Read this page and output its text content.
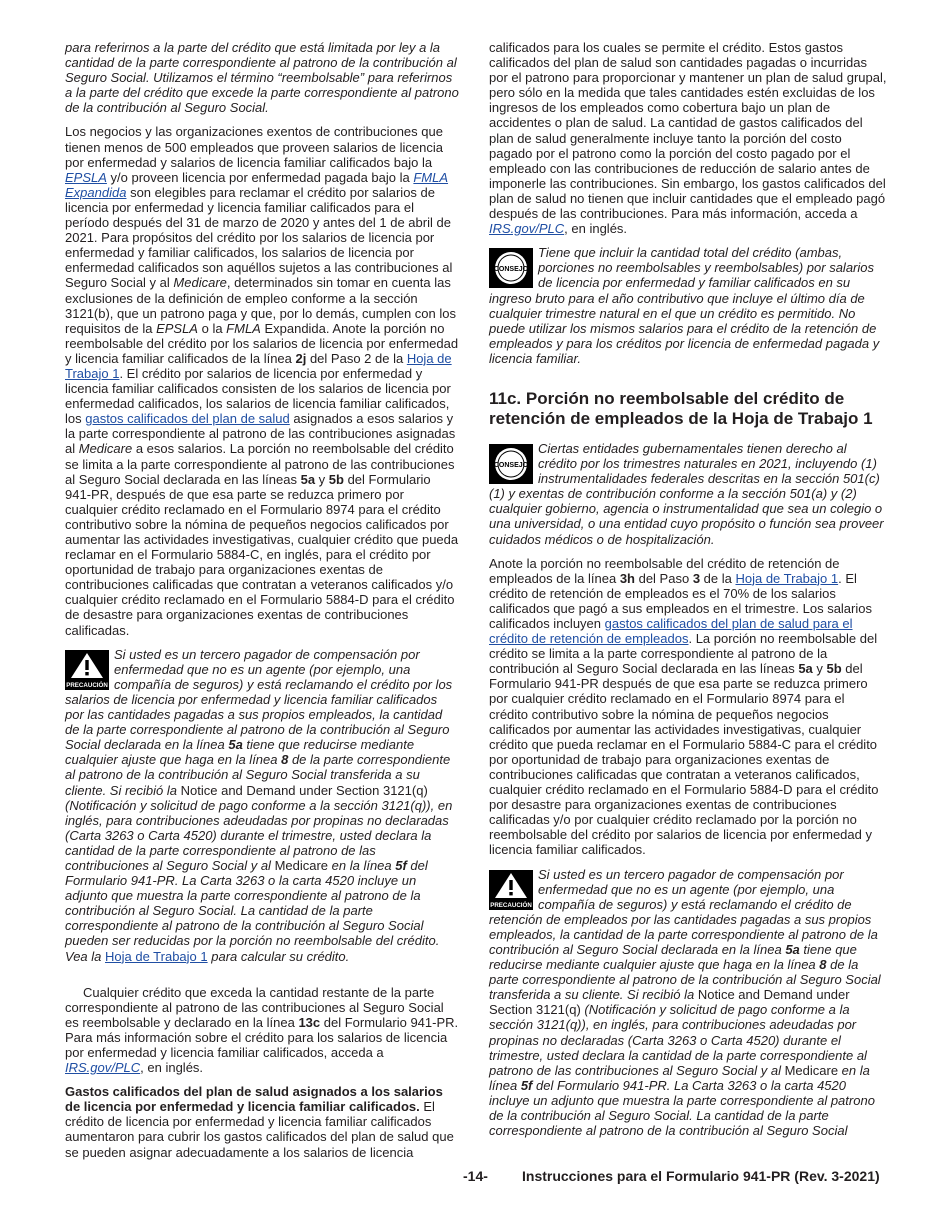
para referirnos a la parte del crédito que está limitada por ley a la cantidad de la parte correspondiente al patrono de la contribución al Seguro Social. Utilizamos el término “reembolsable” para referirnos a la parte del crédito que excede la parte correspondiente al patrono de la contribución al Seguro Social.

Los negocios y las organizaciones exentos de contribuciones que tienen menos de 500 empleados que proveen salarios de licencia por enfermedad y salarios de licencia familiar calificados bajo la EPSLA y/o proveen licencia por enfermedad pagada bajo la FMLA Expandida son elegibles para reclamar el crédito por salarios de licencia por enfermedad y licencia familiar calificados para el período después del 31 de marzo de 2020 y antes del 1 de abril de 2021. Para propósitos del crédito por los salarios de licencia por enfermedad y familiar calificados, los salarios de licencia por enfermedad calificados son aquéllos sujetos a las contribuciones al Seguro Social y al Medicare, determinados sin tomar en cuenta las exclusiones de la definición de empleo conforme a la sección 3121(b), que un patrono paga y que, por lo demás, cumplen con los requisitos de la EPSLA o la FMLA Expandida. Anote la porción no reembolsable del crédito por los salarios de licencia por enfermedad y licencia familiar calificados de la línea 2j del Paso 2 de la Hoja de Trabajo 1. El crédito por salarios de licencia por enfermedad y licencia familiar calificados consisten de los salarios de licencia por enfermedad calificados, los salarios de licencia familiar calificados, los gastos calificados del plan de salud asignados a esos salarios y la parte correspondiente al patrono de las contribuciones asignadas al Medicare a esos salarios. La porción no reembolsable del crédito se limita a la parte correspondiente al patrono de las contribuciones al Seguro Social declarada en las líneas 5a y 5b del Formulario 941-PR, después de que esa parte se reduzca primero por cualquier crédito reclamado en el Formulario 8974 para el crédito contributivo sobre la nómina de pequeños negocios calificados por aumentar las actividades investigativas, cualquier crédito que pueda reclamar en el Formulario 5884-C, en inglés, para el crédito por oportunidad de trabajo para organizaciones exentas de contribuciones calificadas que contratan a veteranos calificados y/o cualquier crédito reclamado en el Formulario 5884-D para el crédito de desastre para organizaciones exentas de contribuciones calificadas.

PRECAUCIÓN
Si usted es un tercero pagador de compensación por enfermedad que no es un agente (por ejemplo, una compañía de seguros) y está reclamando el crédito por los salarios de licencia por enfermedad y licencia familiar calificados por las cantidades pagadas a sus propios empleados, la cantidad de la parte correspondiente al patrono de la contribución al Seguro Social declarada en la línea 5a tiene que reducirse mediante cualquier ajuste que haga en la línea 8 de la parte correspondiente al patrono de la contribución al Seguro Social transferida a su cliente. Si recibió la Notice and Demand under Section 3121(q) (Notificación y solicitud de pago conforme a la sección 3121(q)), en inglés, para contribuciones adeudadas por propinas no declaradas (Carta 3263 o Carta 4520) durante el trimestre, usted declara la cantidad de la parte correspondiente al patrono de las contribuciones al Seguro Social y al Medicare en la línea 5f del Formulario 941-PR. La Carta 3263 o la carta 4520 incluye un adjunto que muestra la parte correspondiente al patrono de la contribución al Seguro Social. La cantidad de la parte correspondiente al patrono de la contribución al Seguro Social pueden ser reducidas por la porción no reembolsable del crédito. Vea la Hoja de Trabajo 1 para calcular su crédito.

Cualquier crédito que exceda la cantidad restante de la parte correspondiente al patrono de las contribuciones al Seguro Social es reembolsable y declarado en la línea 13c del Formulario 941-PR. Para más información sobre el crédito para los salarios de licencia por enfermedad y licencia familiar calificados, acceda a IRS.gov/PLC, en inglés.

Gastos calificados del plan de salud asignados a los salarios de licencia por enfermedad y licencia familiar calificados. El crédito de licencia por enfermedad y licencia familiar calificados aumentaron para cubrir los gastos calificados del plan de salud que se pueden asignar adecuadamente a los salarios de licencia

calificados para los cuales se permite el crédito. Estos gastos calificados del plan de salud son cantidades pagadas o incurridas por el patrono para proporcionar y mantener un plan de salud grupal, pero sólo en la medida que tales cantidades estén excluidas de los ingresos de los empleados como cobertura bajo un plan de accidentes o plan de salud. La cantidad de gastos calificados del plan de salud generalmente incluye tanto la porción del costo pagado por el patrono como la porción del costo pagado por el empleado con las contribuciones de reducción de salario antes de imponerle las contribuciones. Sin embargo, los gastos calificados del plan de salud no tienen que incluir cantidades que el empleado pagó después de las contribuciones. Para más información, acceda a IRS.gov/PLC, en inglés.

CONSEJO
Tiene que incluir la cantidad total del crédito (ambas, porciones no reembolsables y reembolsables) por salarios de licencia por enfermedad y familiar calificados en su ingreso bruto para el año contributivo que incluye el último día de cualquier trimestre natural en el que un crédito es permitido. No puede utilizar los mismos salarios para el crédito de la retención de empleados y para los créditos por licencia de enfermedad pagada y licencia familiar.
11c. Porción no reembolsable del crédito de retención de empleados de la Hoja de Trabajo 1
CONSEJO
Ciertas entidades gubernamentales tienen derecho al crédito por los trimestres naturales en 2021, incluyendo (1) instrumentalidades federales descritas en la sección 501(c)(1) y exentas de contribución conforme a la sección 501(a) y (2) cualquier gobierno, agencia o instrumentalidad que sea un colegio o una universidad, o una entidad cuyo propósito o función sea proveer cuidados médicos o de hospitalización.

Anote la porción no reembolsable del crédito de retención de empleados de la línea 3h del Paso 3 de la Hoja de Trabajo 1. El crédito de retención de empleados es el 70% de los salarios calificados que pagó a sus empleados en el trimestre. Los salarios calificados incluyen gastos calificados del plan de salud para el crédito de retención de empleados. La porción no reembolsable del crédito se limita a la parte correspondiente al patrono de la contribución al Seguro Social declarada en las líneas 5a y 5b del Formulario 941-PR después de que esa parte se reduzca primero por cualquier crédito reclamado en el Formulario 8974 para el crédito contributivo sobre la nómina de pequeños negocios calificados por aumentar las actividades investigativas, cualquier crédito que pueda reclamar en el Formulario 5884-C para el crédito por oportunidad de trabajo para organizaciones exentas de contribuciones calificadas que contratan a veteranos calificados, cualquier crédito reclamado en el Formulario 5884-D para el crédito por desastre para organizaciones exentas de contribuciones calificadas y/o por cualquier crédito reclamado por la porción no reembolsable del crédito por salarios de licencia por enfermedad y licencia familiar calificados.

PRECAUCIÓN
Si usted es un tercero pagador de compensación por enfermedad que no es un agente (por ejemplo, una compañía de seguros) y está reclamando el crédito de retención de empleados por las cantidades pagadas a sus propios empleados, la cantidad de la parte correspondiente al patrono de la contribución al Seguro Social declarada en la línea 5a tiene que reducirse mediante cualquier ajuste que haga en la línea 8 de la parte correspondiente al patrono de la contribución al Seguro Social transferida a su cliente. Si recibió la Notice and Demand under Section 3121(q) (Notificación y solicitud de pago conforme a la sección 3121(q)), en inglés, para contribuciones adeudadas por propinas no declaradas (Carta 3263 o Carta 4520) durante el trimestre, usted declara la cantidad de la parte correspondiente al patrono de las contribuciones al Seguro Social y al Medicare en la línea 5f del Formulario 941-PR. La Carta 3263 o la carta 4520 incluye un adjunto que muestra la parte correspondiente al patrono de la contribución al Seguro Social. La cantidad de la parte correspondiente al patrono de la contribución al Seguro Social
-14- Instrucciones para el Formulario 941-PR (Rev. 3-2021)
